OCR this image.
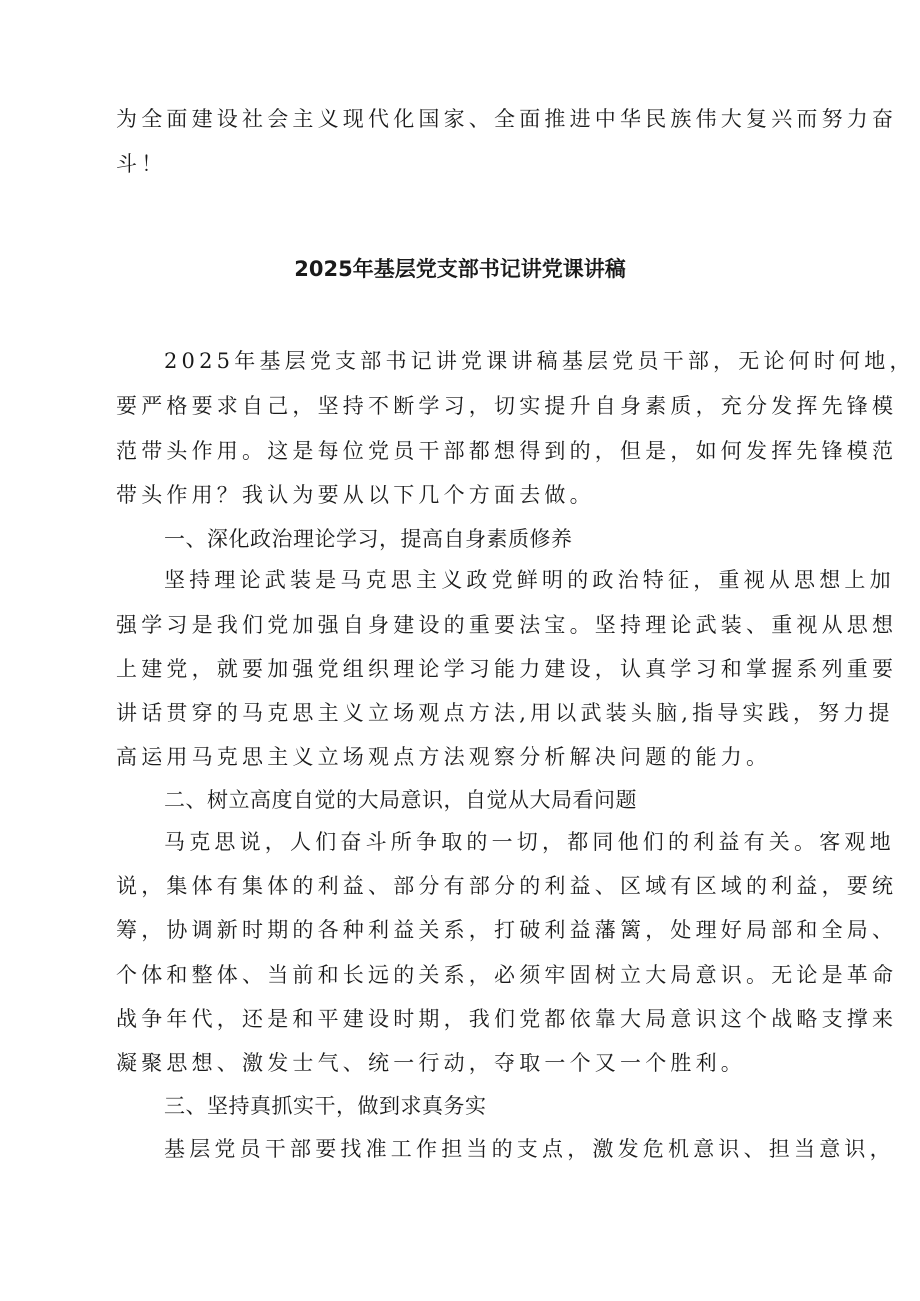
为全面建设社会主义现代化国家、全面推进中华民族伟大复兴而努力奋
斗！
2025年基层党支部书记讲党课讲稿
2025年基层党支部书记讲党课讲稿基层党员干部，无论何时何地，
要严格要求自己，坚持不断学习，切实提升自身素质，充分发挥先锋模
范带头作用。这是每位党员干部都想得到的，但是，如何发挥先锋模范
带头作用？我认为要从以下几个方面去做。
一、深化政治理论学习，提高自身素质修养
坚持理论武装是马克思主义政党鲜明的政治特征，重视从思想上加
强学习是我们党加强自身建设的重要法宝。坚持理论武装、重视从思想
上建党，就要加强党组织理论学习能力建设，认真学习和掌握系列重要
讲话贯穿的马克思主义立场观点方法,用以武装头脑,指导实践，努力提
高运用马克思主义立场观点方法观察分析解决问题的能力。
二、树立高度自觉的大局意识，自觉从大局看问题
马克思说，人们奋斗所争取的一切，都同他们的利益有关。客观地
说，集体有集体的利益、部分有部分的利益、区域有区域的利益，要统
筹，协调新时期的各种利益关系，打破利益藩篱，处理好局部和全局、
个体和整体、当前和长远的关系，必须牢固树立大局意识。无论是革命
战争年代，还是和平建设时期，我们党都依靠大局意识这个战略支撑来
凝聚思想、激发士气、统一行动，夺取一个又一个胜利。
三、坚持真抓实干，做到求真务实
基层党员干部要找准工作担当的支点，激发危机意识、担当意识，
